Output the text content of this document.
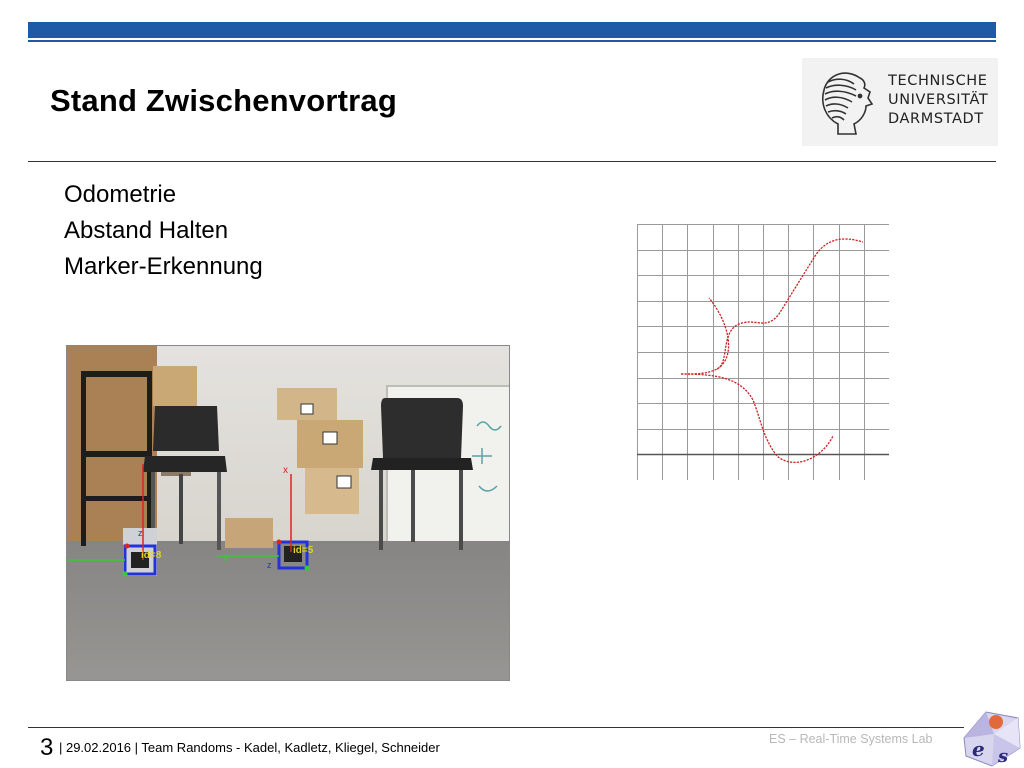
Stand Zwischenvortrag
TECHNISCHE
UNIVERSITÄT
DARMSTADT
Odometrie
Abstand Halten
Marker-Erkennung
z
id=8
x
z
y
id=5
3 | 29.02.2016 | Team Randoms - Kadel, Kadletz, Kliegel, Schneider
ES – Real-Time Systems Lab e s
